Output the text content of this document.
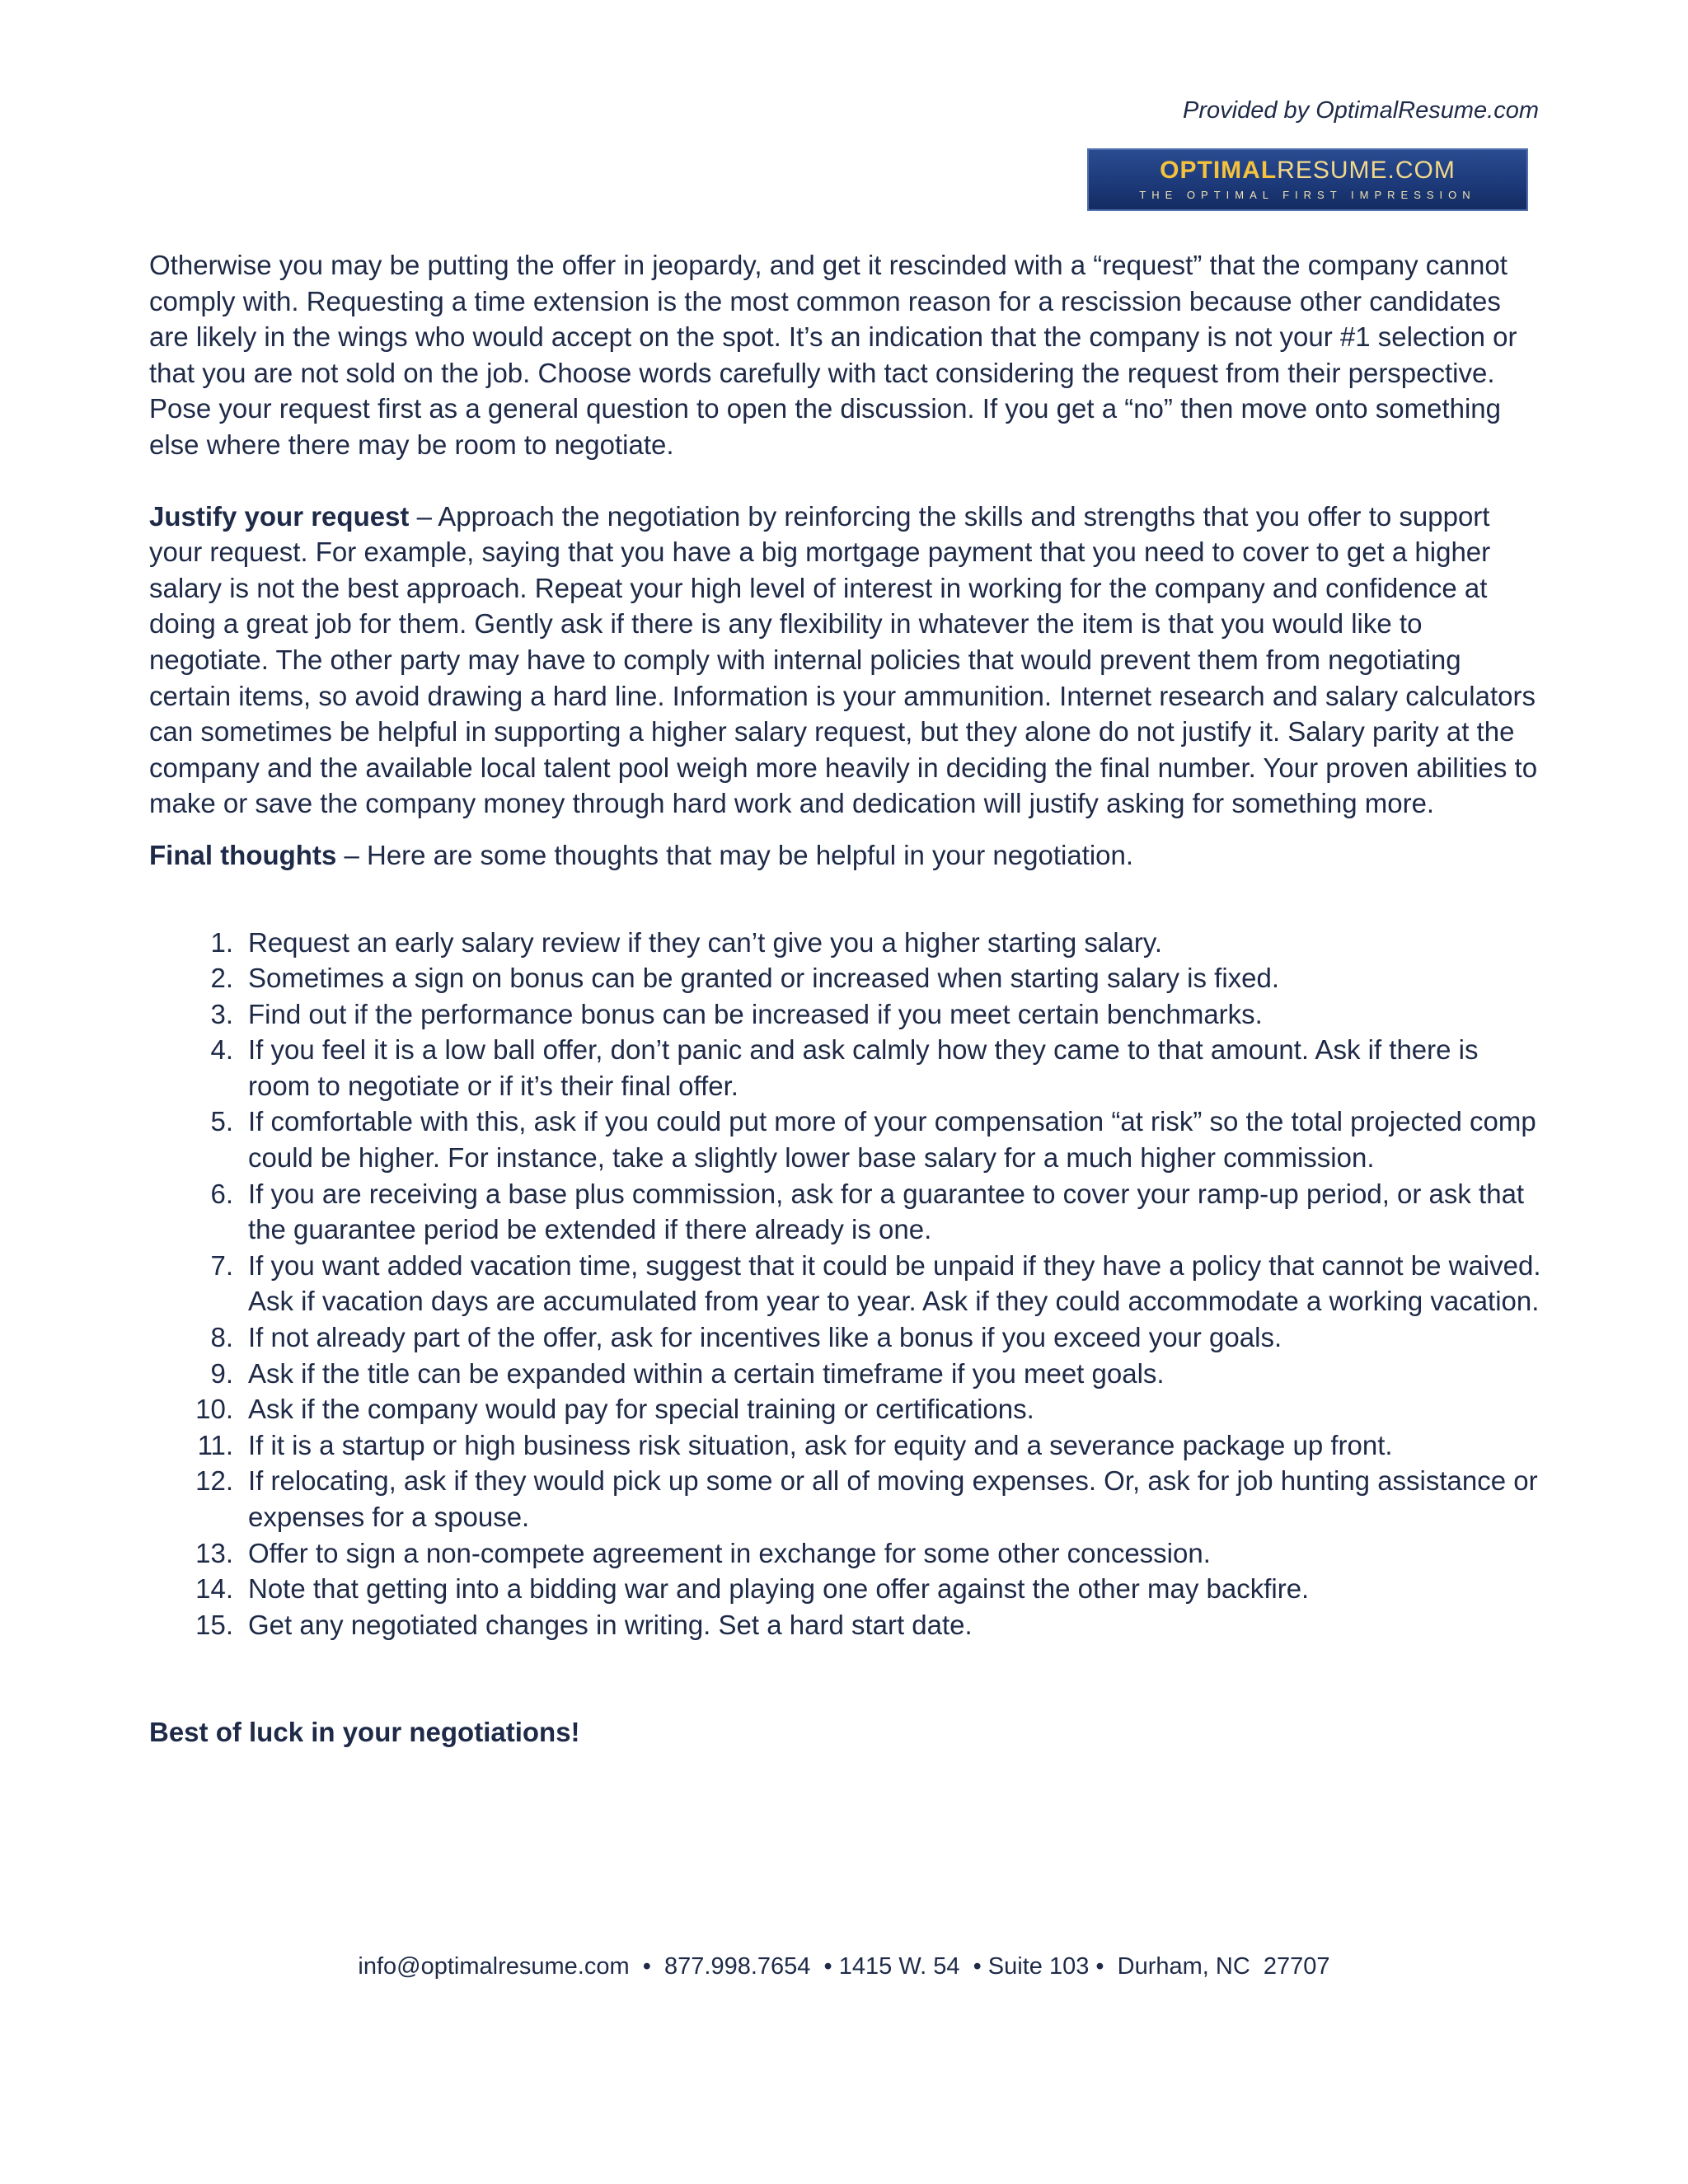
Provided by OptimalResume.com
OPTIMALRESUME.COM
THE OPTIMAL FIRST IMPRESSION

Otherwise you may be putting the offer in jeopardy, and get it rescinded with a “request” that the company cannot comply with. Requesting a time extension is the most common reason for a rescission because other candidates are likely in the wings who would accept on the spot. It’s an indication that the company is not your #1 selection or that you are not sold on the job. Choose words carefully with tact considering the request from their perspective. Pose your request first as a general question to open the discussion. If you get a “no” then move onto something else where there may be room to negotiate.

Justify your request – Approach the negotiation by reinforcing the skills and strengths that you offer to support your request. For example, saying that you have a big mortgage payment that you need to cover to get a higher salary is not the best approach. Repeat your high level of interest in working for the company and confidence at doing a great job for them. Gently ask if there is any flexibility in whatever the item is that you would like to negotiate. The other party may have to comply with internal policies that would prevent them from negotiating certain items, so avoid drawing a hard line. Information is your ammunition. Internet research and salary calculators can sometimes be helpful in supporting a higher salary request, but they alone do not justify it. Salary parity at the company and the available local talent pool weigh more heavily in deciding the final number. Your proven abilities to make or save the company money through hard work and dedication will justify asking for something more.

Final thoughts – Here are some thoughts that may be helpful in your negotiation.

1. Request an early salary review if they can’t give you a higher starting salary.
2. Sometimes a sign on bonus can be granted or increased when starting salary is fixed.
3. Find out if the performance bonus can be increased if you meet certain benchmarks.
4. If you feel it is a low ball offer, don’t panic and ask calmly how they came to that amount. Ask if there is room to negotiate or if it’s their final offer.
5. If comfortable with this, ask if you could put more of your compensation “at risk” so the total projected comp could be higher. For instance, take a slightly lower base salary for a much higher commission.
6. If you are receiving a base plus commission, ask for a guarantee to cover your ramp-up period, or ask that the guarantee period be extended if there already is one.
7. If you want added vacation time, suggest that it could be unpaid if they have a policy that cannot be waived. Ask if vacation days are accumulated from year to year. Ask if they could accommodate a working vacation.
8. If not already part of the offer, ask for incentives like a bonus if you exceed your goals.
9. Ask if the title can be expanded within a certain timeframe if you meet goals.
10. Ask if the company would pay for special training or certifications.
11. If it is a startup or high business risk situation, ask for equity and a severance package up front.
12. If relocating, ask if they would pick up some or all of moving expenses. Or, ask for job hunting assistance or expenses for a spouse.
13. Offer to sign a non-compete agreement in exchange for some other concession.
14. Note that getting into a bidding war and playing one offer against the other may backfire.
15. Get any negotiated changes in writing. Set a hard start date.

Best of luck in your negotiations!

info@optimalresume.com  •  877.998.7654  • 1415 W. 54  • Suite 103 •  Durham, NC  27707
